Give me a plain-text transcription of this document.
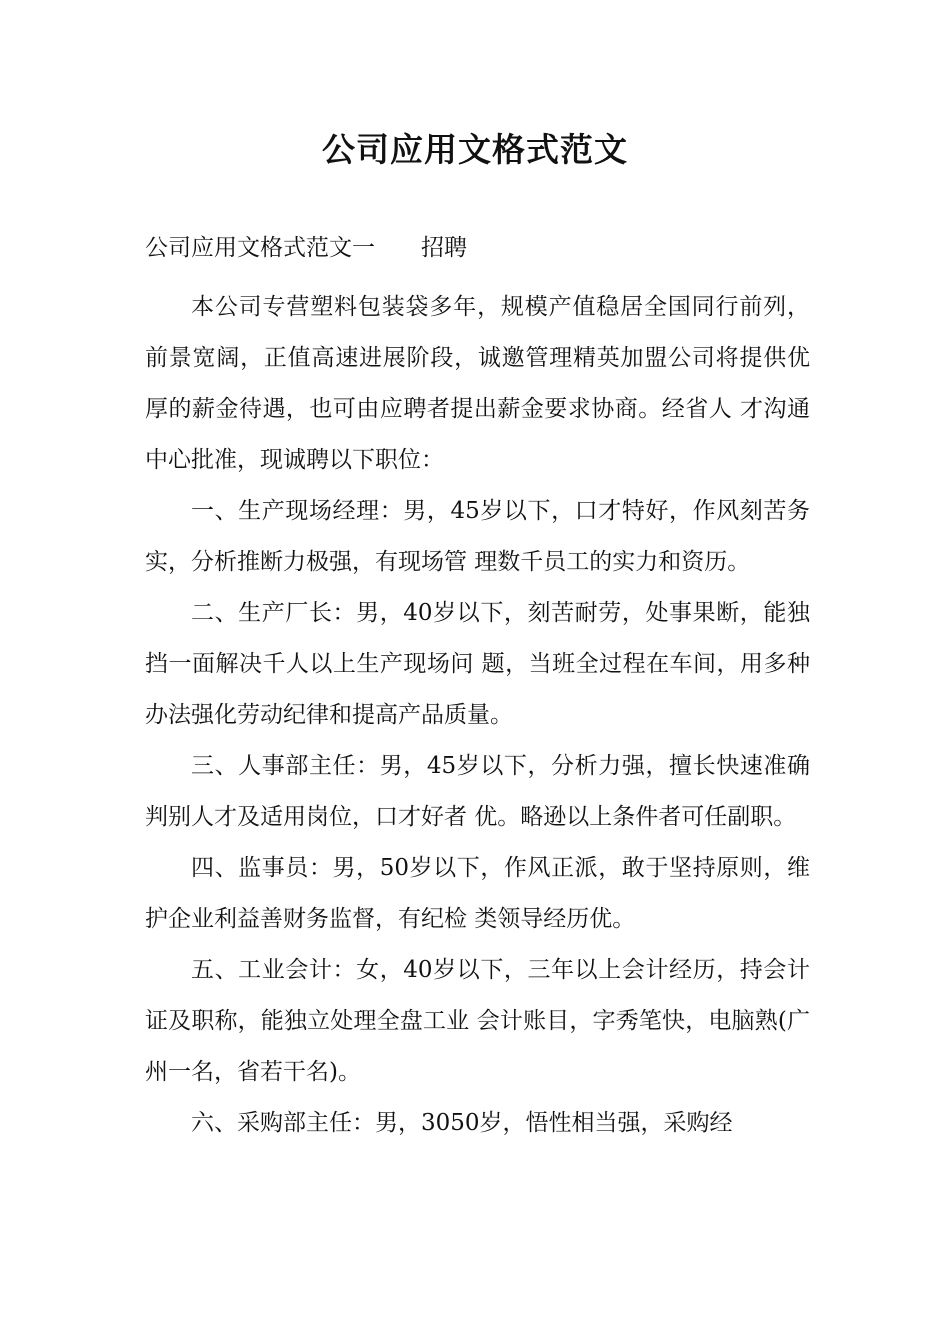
公司应用文格式范文
公司应用文格式范文一　　招聘

本公司专营塑料包装袋多年，规模产值稳居全国同行前列，前景宽阔，正值高速进展阶段，诚邀管理精英加盟公司将提供优厚的薪金待遇，也可由应聘者提出薪金要求协商。经省人 才沟通中心批准，现诚聘以下职位：

一、生产现场经理：男，45岁以下，口才特好，作风刻苦务实，分析推断力极强，有现场管 理数千员工的实力和资历。

二、生产厂长：男，40岁以下，刻苦耐劳，处事果断，能独挡一面解决千人以上生产现场问 题，当班全过程在车间，用多种办法强化劳动纪律和提高产品质量。

三、人事部主任：男，45岁以下，分析力强，擅长快速准确判别人才及适用岗位，口才好者 优。略逊以上条件者可任副职。

四、监事员：男，50岁以下，作风正派，敢于坚持原则，维护企业利益善财务监督，有纪检 类领导经历优。

五、工业会计：女，40岁以下，三年以上会计经历，持会计证及职称，能独立处理全盘工业 会计账目，字秀笔快，电脑熟(广州一名，省若干名)。

六、采购部主任：男，3050岁，悟性相当强，采购经
